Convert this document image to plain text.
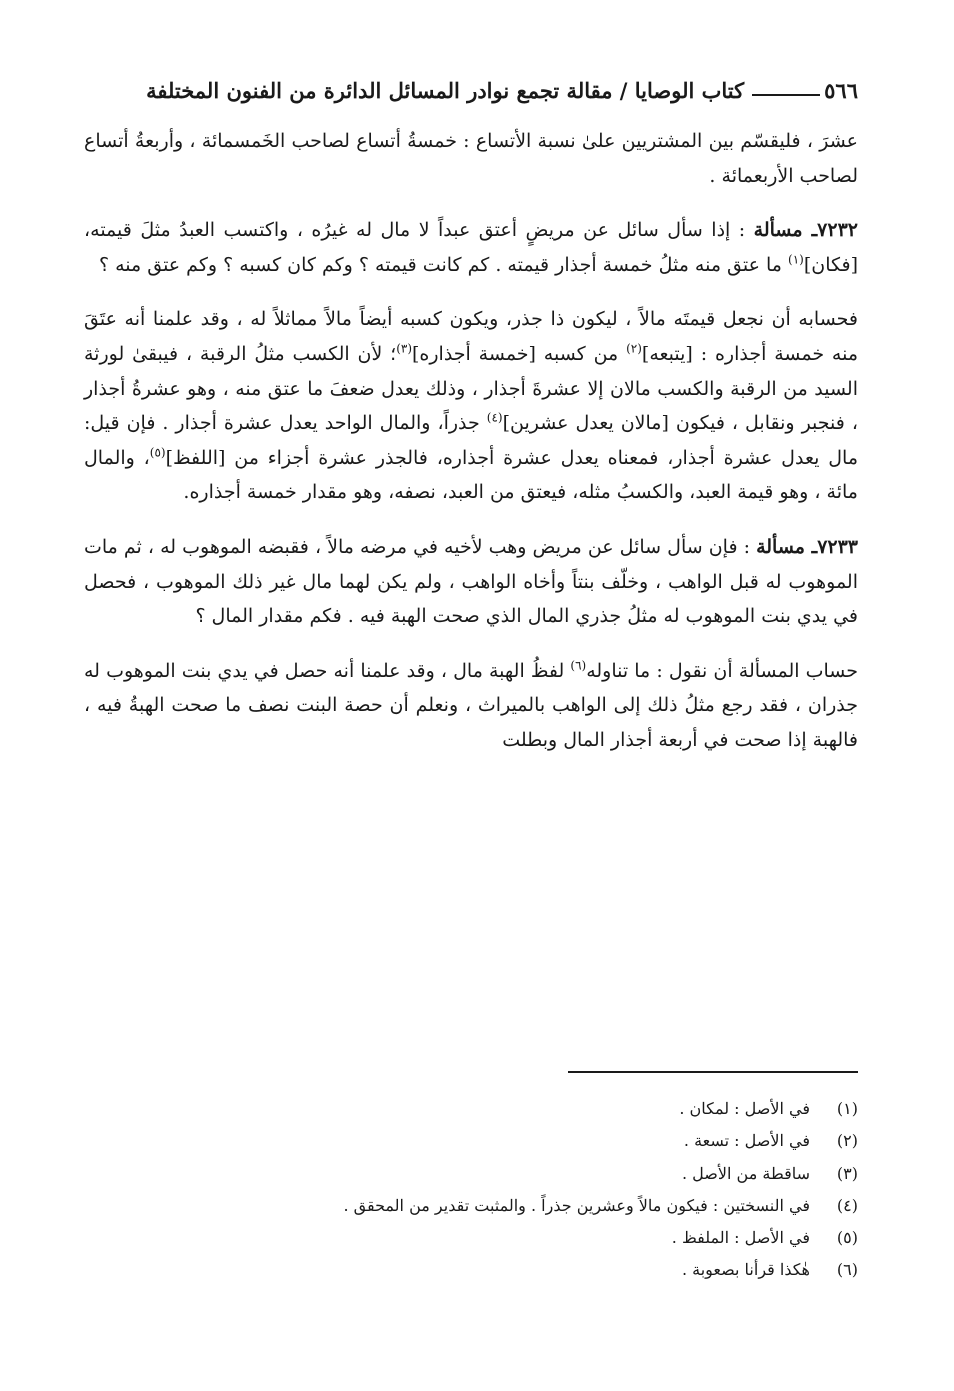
٥٦٦
كتاب الوصايا / مقالة تجمع نوادر المسائل الدائرة من الفنون المختلفة

عشرَ ، فليقسّم بين المشتريين علىٰ نسبة الأتساع : خمسةُ أتساع لصاحب الخَمسمائة ، وأربعةُ أتساع لصاحب الأربعمائة .

٧٢٣٢ـ مسألة : إذا سأل سائل عن مريضٍ أعتق عبداً لا مال له غيرُه ، واكتسب العبدُ مثلَ قيمته، [فكان]$^{(١)}$ ما عتق منه مثلُ خمسة أجذار قيمته . كم كانت قيمته ؟ وكم كان كسبه ؟ وكم عتق منه ؟

فحسابه أن نجعل قيمتَه مالاً ، ليكون ذا جذر، ويكون كسبه أيضاً مالاً مماثلاً له ، وقد علمنا أنه عتَقَ منه خمسة أجذاره : [يتبعه]$^{(٢)}$ من كسبه [خمسة أجذاره]$^{(٣)}$؛ لأن الكسب مثلُ الرقبة ، فيبقىٰ لورثة السيد من الرقبة والكسب مالان إلا عشرةَ أجذار ، وذلك يعدل ضعفَ ما عتق منه ، وهو عشرةُ أجذار ، فنجبر ونقابل ، فيكون [مالان يعدل عشرين]$^{(٤)}$ جذراً، والمال الواحد يعدل عشرة أجذار . فإن قيل: مال يعدل عشرة أجذار، فمعناه يعدل عشرة أجذاره، فالجذر عشرة أجزاء من [اللفظ]$^{(٥)}$، والمال مائة ، وهو قيمة العبد، والكسبُ مثله، فيعتق من العبد، نصفه، وهو مقدار خمسة أجذاره.

٧٢٣٣ـ مسألة : فإن سأل سائل عن مريض وهب لأخيه في مرضه مالاً ، فقبضه الموهوب له ، ثم مات الموهوب له قبل الواهب ، وخلّف بنتاً وأخاه الواهب ، ولم يكن لهما مال غير ذلك الموهوب ، فحصل في يدي بنت الموهوب له مثلُ جذري المال الذي صحت الهبة فيه . فكم مقدار المال ؟

حساب المسألة أن نقول : ما تناوله$^{(٦)}$ لفظُ الهبة مال ، وقد علمنا أنه حصل في يدي بنت الموهوب له جذران ، فقد رجع مثلُ ذلك إلى الواهب بالميراث ، ونعلم أن حصة البنت نصف ما صحت الهبةُ فيه ، فالهبة إذا صحت في أربعة أجذار المال وبطلت

(١)
في الأصل : لمكان .
(٢)
في الأصل : تسعة .
(٣)
ساقطة من الأصل .
(٤)
في النسختين : فيكون مالاً وعشرين جذراً . والمثبت تقدير من المحقق .
(٥)
في الأصل : الملفظ .
(٦)
هٰكذا قرأنا بصعوبة .
